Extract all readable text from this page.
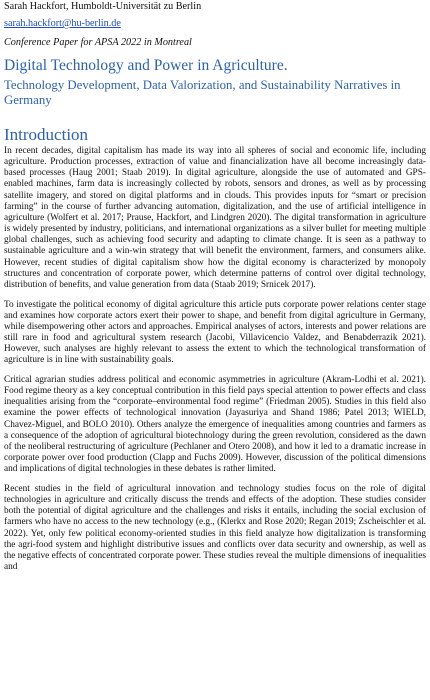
Sarah Hackfort, Humboldt-Universität zu Berlin
sarah.hackfort@hu-berlin.de
Conference Paper for APSA 2022 in Montreal
Digital Technology and Power in Agriculture.
Technology Development, Data Valorization, and Sustainability Narratives in Germany
Introduction

In recent decades, digital capitalism has made its way into all spheres of social and economic life, including agriculture. Production processes, extraction of value and financialization have all become increasingly data-based processes (Haug 2001; Staab 2019). In digital agriculture, alongside the use of automated and GPS-enabled machines, farm data is increasingly collected by robots, sensors and drones, as well as by processing satellite imagery, and stored on digital platforms and in clouds. This provides inputs for “smart or precision farming” in the course of further advancing automation, digitalization, and the use of artificial intelligence in agriculture (Wolfert et al. 2017; Prause, Hackfort, and Lindgren 2020). The digital transformation in agriculture is widely presented by industry, politicians, and international organizations as a silver bullet for meeting multiple global challenges, such as achieving food security and adapting to climate change. It is seen as a pathway to sustainable agriculture and a win-win strategy that will benefit the environment, farmers, and consumers alike. However, recent studies of digital capitalism show how the digital economy is characterized by monopoly structures and concentration of corporate power, which determine patterns of control over digital technology, distribution of benefits, and value generation from data (Staab 2019; Srnicek 2017).

To investigate the political economy of digital agriculture this article puts corporate power relations center stage and examines how corporate actors exert their power to shape, and benefit from digital agriculture in Germany, while disempowering other actors and approaches. Empirical analyses of actors, interests and power relations are still rare in food and agricultural system research (Jacobi, Villavicencio Valdez, and Benabderrazik 2021). However, such analyses are highly relevant to assess the extent to which the technological transformation of agriculture is in line with sustainability goals.

Critical agrarian studies address political and economic asymmetries in agriculture (Akram-Lodhi et al. 2021). Food regime theory as a key conceptual contribution in this field pays special attention to power effects and class inequalities arising from the “corporate–environmental food regime” (Friedman 2005). Studies in this field also examine the power effects of technological innovation (Jayasuriya and Shand 1986; Patel 2013; WIELD, Chavez-Miguel, and BOLO 2010). Others analyze the emergence of inequalities among countries and farmers as a consequence of the adoption of agricultural biotechnology during the green revolution, considered as the dawn of the neoliberal restructuring of agriculture (Pechlaner and Otero 2008), and how it led to a dramatic increase in corporate power over food production (Clapp and Fuchs 2009). However, discussion of the political dimensions and implications of digital technologies in these debates is rather limited.

Recent studies in the field of agricultural innovation and technology studies focus on the role of digital technologies in agriculture and critically discuss the trends and effects of the adoption. These studies consider both the potential of digital agriculture and the challenges and risks it entails, including the social exclusion of farmers who have no access to the new technology (e.g., (Klerkx and Rose 2020; Regan 2019; Zscheischler et al. 2022). Yet, only few political economy-oriented studies in this field analyze how digitalization is transforming the agri-food system and highlight distributive issues and conflicts over data security and ownership, as well as the negative effects of concentrated corporate power. These studies reveal the multiple dimensions of inequalities and
